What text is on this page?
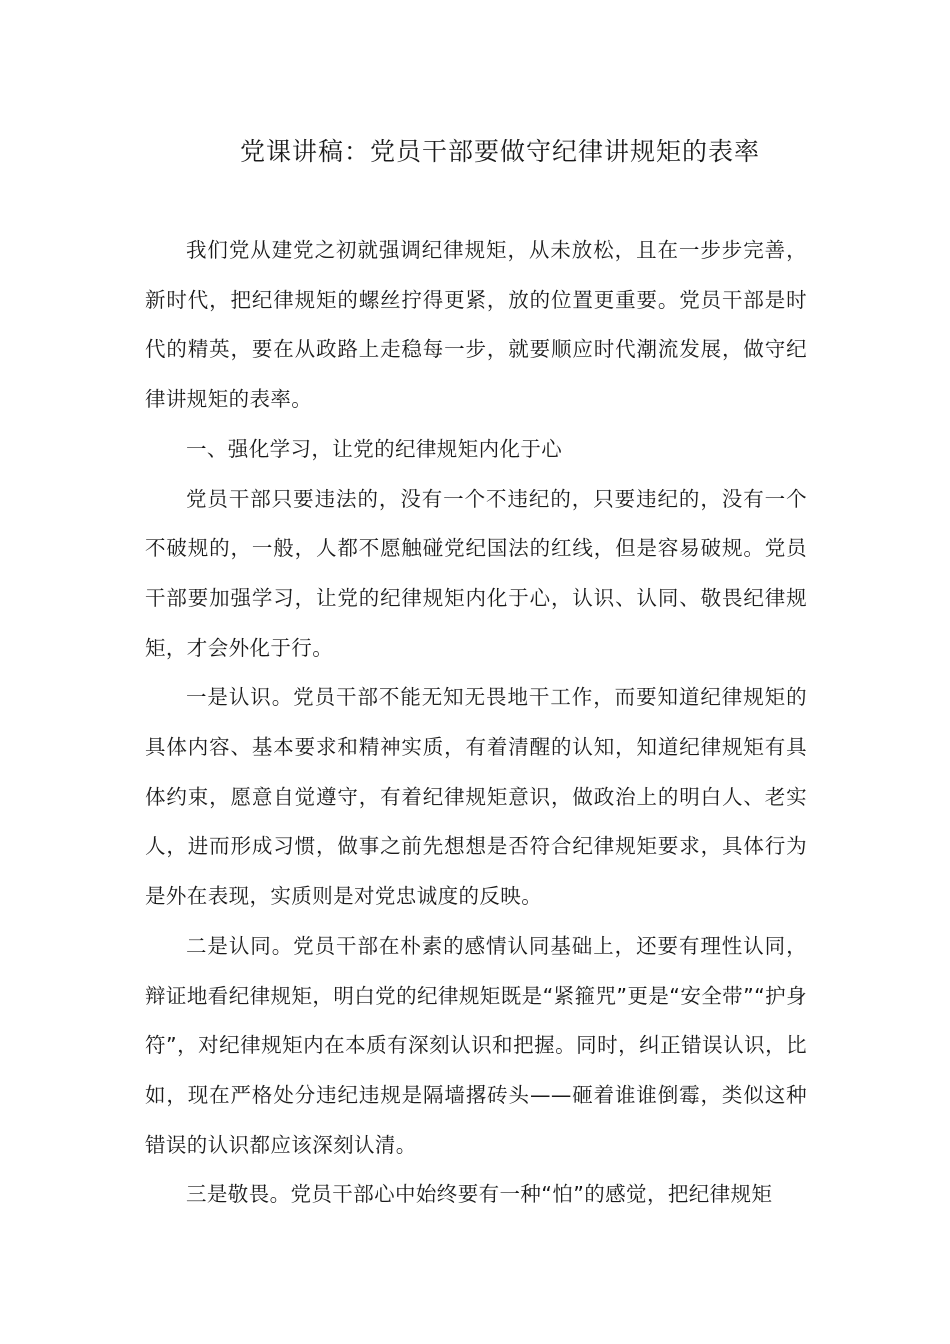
党课讲稿：党员干部要做守纪律讲规矩的表率

我们党从建党之初就强调纪律规矩，从未放松，且在一步步完善，新时代，把纪律规矩的螺丝拧得更紧，放的位置更重要。党员干部是时代的精英，要在从政路上走稳每一步，就要顺应时代潮流发展，做守纪律讲规矩的表率。

一、强化学习，让党的纪律规矩内化于心

党员干部只要违法的，没有一个不违纪的，只要违纪的，没有一个不破规的，一般，人都不愿触碰党纪国法的红线，但是容易破规。党员干部要加强学习，让党的纪律规矩内化于心，认识、认同、敬畏纪律规矩，才会外化于行。

一是认识。党员干部不能无知无畏地干工作，而要知道纪律规矩的具体内容、基本要求和精神实质，有着清醒的认知，知道纪律规矩有具体约束，愿意自觉遵守，有着纪律规矩意识，做政治上的明白人、老实人，进而形成习惯，做事之前先想想是否符合纪律规矩要求，具体行为是外在表现，实质则是对党忠诚度的反映。

二是认同。党员干部在朴素的感情认同基础上，还要有理性认同，辩证地看纪律规矩，明白党的纪律规矩既是“紧箍咒”更是“安全带”“护身符”，对纪律规矩内在本质有深刻认识和把握。同时，纠正错误认识，比如，现在严格处分违纪违规是隔墙撂砖头——砸着谁谁倒霉，类似这种错误的认识都应该深刻认清。

三是敬畏。党员干部心中始终要有一种“怕”的感觉，把纪律规矩
